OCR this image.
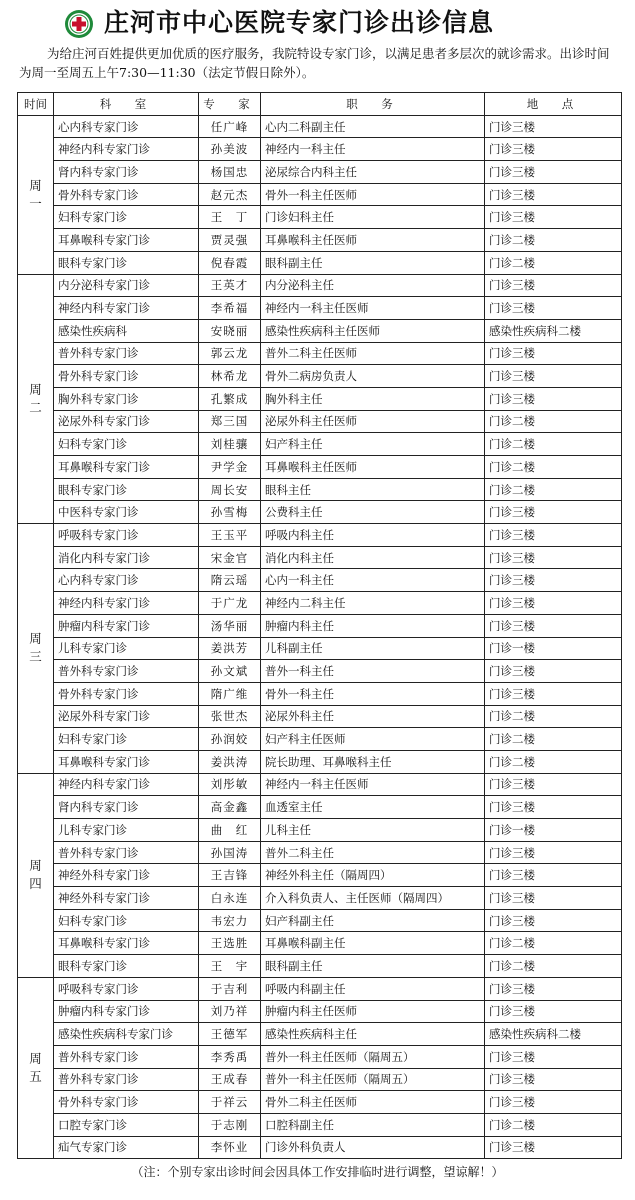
庄河市中心医院专家门诊出诊信息
为给庄河百姓提供更加优质的医疗服务，我院特设专家门诊，以满足患者多层次的就诊需求。出诊时间为周一至周五上午7:30—11:30（法定节假日除外）。
时间	科　室	专　家	职　务	地　点
周一	心内科专家门诊	任广峰	心内二科副主任	门诊三楼
	神经内科专家门诊	孙美波	神经内一科主任	门诊三楼
	肾内科专家门诊	杨国忠	泌尿综合内科主任	门诊三楼
	骨外科专家门诊	赵元杰	骨外一科主任医师	门诊三楼
	妇科专家门诊	王　丁	门诊妇科主任	门诊三楼
	耳鼻喉科专家门诊	贾灵强	耳鼻喉科主任医师	门诊二楼
	眼科专家门诊	倪春霞	眼科副主任	门诊二楼
周二	内分泌科专家门诊	王英才	内分泌科主任	门诊三楼
	神经内科专家门诊	李希福	神经内一科主任医师	门诊三楼
	感染性疾病科	安晓丽	感染性疾病科主任医师	感染性疾病科二楼
	普外科专家门诊	郭云龙	普外二科主任医师	门诊三楼
	骨外科专家门诊	林希龙	骨外二病房负责人	门诊三楼
	胸外科专家门诊	孔繁成	胸外科主任	门诊三楼
	泌尿外科专家门诊	郑三国	泌尿外科主任医师	门诊二楼
	妇科专家门诊	刘桂骧	妇产科主任	门诊二楼
	耳鼻喉科专家门诊	尹学金	耳鼻喉科主任医师	门诊二楼
	眼科专家门诊	周长安	眼科主任	门诊二楼
	中医科专家门诊	孙雪梅	公费科主任	门诊三楼
周三	呼吸科专家门诊	王玉平	呼吸内科主任	门诊三楼
	消化内科专家门诊	宋金官	消化内科主任	门诊三楼
	心内科专家门诊	隋云瑶	心内一科主任	门诊三楼
	神经内科专家门诊	于广龙	神经内二科主任	门诊三楼
	肿瘤内科专家门诊	汤华丽	肿瘤内科主任	门诊三楼
	儿科专家门诊	姜洪芳	儿科副主任	门诊一楼
	普外科专家门诊	孙文斌	普外一科主任	门诊三楼
	骨外科专家门诊	隋广维	骨外一科主任	门诊三楼
	泌尿外科专家门诊	张世杰	泌尿外科主任	门诊二楼
	妇科专家门诊	孙润姣	妇产科主任医师	门诊二楼
	耳鼻喉科专家门诊	姜洪涛	院长助理、耳鼻喉科主任	门诊二楼
周四	神经内科专家门诊	刘彤敏	神经内一科主任医师	门诊三楼
	肾内科专家门诊	高金鑫	血透室主任	门诊三楼
	儿科专家门诊	曲　红	儿科主任	门诊一楼
	普外科专家门诊	孙国涛	普外二科主任	门诊三楼
	神经外科专家门诊	王吉锋	神经外科主任（隔周四）	门诊三楼
	神经外科专家门诊	白永连	介入科负责人、主任医师（隔周四）	门诊三楼
	妇科专家门诊	韦宏力	妇产科副主任	门诊三楼
	耳鼻喉科专家门诊	王选胜	耳鼻喉科副主任	门诊二楼
	眼科专家门诊	王　宇	眼科副主任	门诊二楼
周五	呼吸科专家门诊	于吉利	呼吸内科副主任	门诊三楼
	肿瘤内科专家门诊	刘乃祥	肿瘤内科主任医师	门诊三楼
	感染性疾病科专家门诊	王德军	感染性疾病科主任	感染性疾病科二楼
	普外科专家门诊	李秀禹	普外一科主任医师（隔周五）	门诊三楼
	普外科专家门诊	王成春	普外一科主任医师（隔周五）	门诊三楼
	骨外科专家门诊	于祥云	骨外二科主任医师	门诊三楼
	口腔专家门诊	于志刚	口腔科副主任	门诊二楼
	疝气专家门诊	李怀业	门诊外科负责人	门诊三楼
（注：个别专家出诊时间会因具体工作安排临时进行调整，望谅解！）
